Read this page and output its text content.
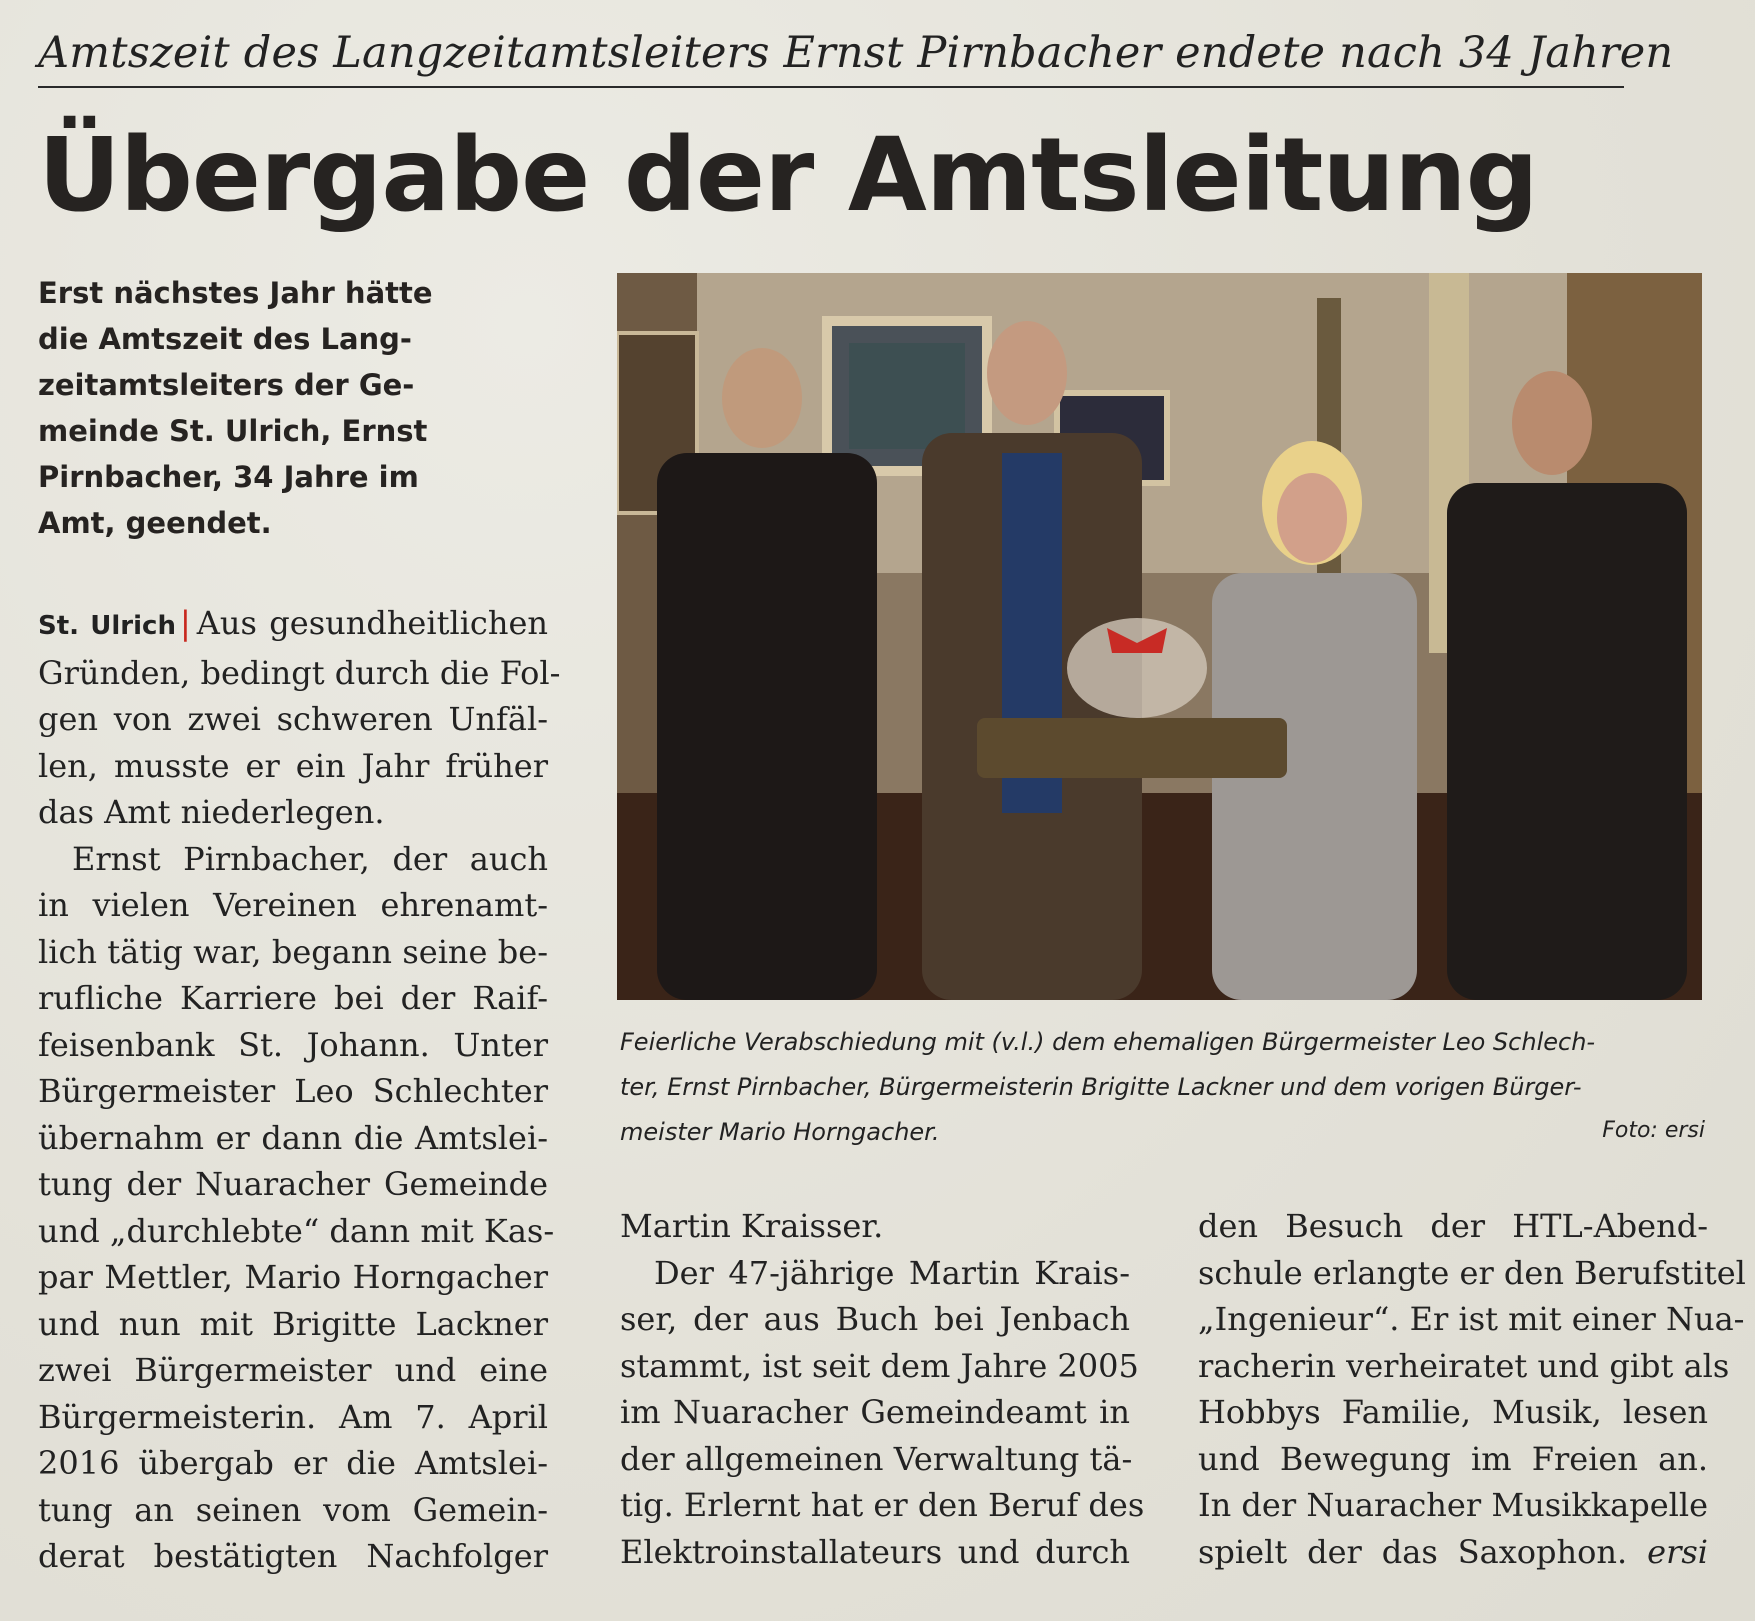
Amtszeit des Langzeitamtsleiters Ernst Pirnbacher endete nach 34 Jahren
Übergabe der Amtsleitung
Erst nächstes Jahr hätte
die Amtszeit des Lang-
zeitamtsleiters der Ge-
meinde St. Ulrich, Ernst
Pirnbacher, 34 Jahre im
Amt, geendet.
St. Ulrich | Aus gesundheitlichen
Gründen, bedingt durch die Fol-
gen von zwei schweren Unfäl-
len, musste er ein Jahr früher
das Amt niederlegen.
Ernst Pirnbacher, der auch
in vielen Vereinen ehrenamt-
lich tätig war, begann seine be-
rufliche Karriere bei der Raif-
feisenbank St. Johann. Unter
Bürgermeister Leo Schlechter
übernahm er dann die Amtslei-
tung der Nuaracher Gemeinde
und „durchlebte“ dann mit Kas-
par Mettler, Mario Horngacher
und nun mit Brigitte Lackner
zwei Bürgermeister und eine
Bürgermeisterin. Am 7. April
2016 übergab er die Amtslei-
tung an seinen vom Gemein-
derat bestätigten Nachfolger
Feierliche Verabschiedung mit (v.l.) dem ehemaligen Bürgermeister Leo Schlech-
ter, Ernst Pirnbacher, Bürgermeisterin Brigitte Lackner und dem vorigen Bürger-
meister Mario Horngacher.	Foto: ersi
Martin Kraisser.
Der 47-jährige Martin Krais-
ser, der aus Buch bei Jenbach
stammt, ist seit dem Jahre 2005
im Nuaracher Gemeindeamt in
der allgemeinen Verwaltung tä-
tig. Erlernt hat er den Beruf des
Elektroinstallateurs und durch
den Besuch der HTL-Abend-
schule erlangte er den Berufstitel
„Ingenieur“. Er ist mit einer Nua-
racherin verheiratet und gibt als
Hobbys Familie, Musik, lesen
und Bewegung im Freien an.
In der Nuaracher Musikkapelle
spielt der das Saxophon. ersi
